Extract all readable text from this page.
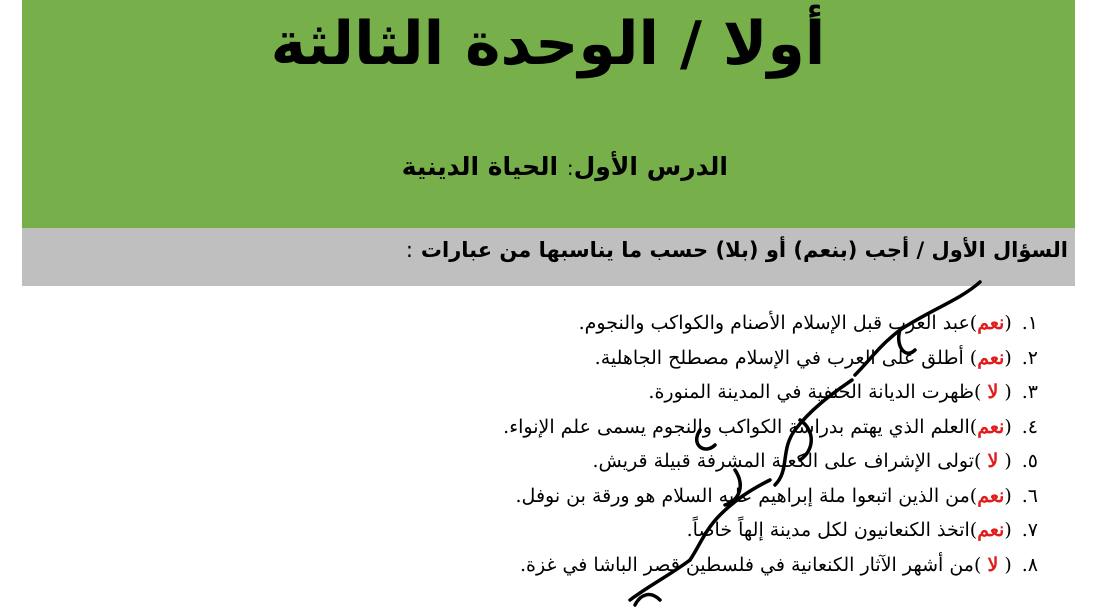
أولا / الوحدة الثالثة
الدرس الأول: الحياة الدينية
السؤال الأول / أجب (بنعم) أو (بلا) حسب ما يناسبها من عبارات:
١.(نعم)عبد العرب قبل الإسلام الأصنام والكواكب والنجوم.
٢.(نعم) أطلق على العرب في الإسلام مصطلح الجاهلية.
٣.( لا )ظهرت الديانة الحنفية في المدينة المنورة.
٤.(نعم)العلم الذي يهتم بدراسة الكواكب والنجوم يسمى علم الإنواء.
٥.( لا )تولى الإشراف على الكعبة المشرفة قبيلة قريش.
٦.(نعم)من الذين اتبعوا ملة إبراهيم عليه السلام هو ورقة بن نوفل.
٧.(نعم)اتخذ الكنعانيون لكل مدينة إلهاً خاصاً.
٨.( لا )من أشهر الآثار الكنعانية في فلسطين قصر الباشا في غزة.
